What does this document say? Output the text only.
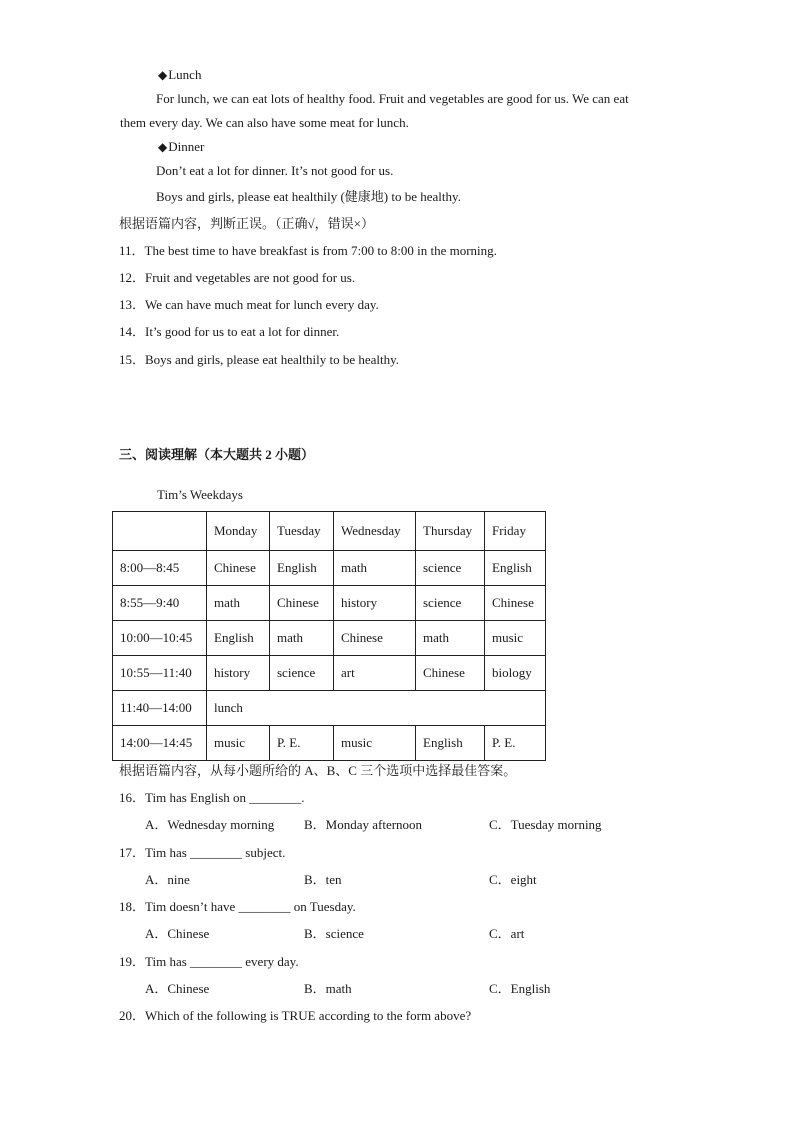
◆Lunch
For lunch, we can eat lots of healthy food. Fruit and vegetables are good for us. We can eat
them every day. We can also have some meat for lunch.
◆Dinner
Don’t eat a lot for dinner. It’s not good for us.
Boys and girls, please eat healthily (健康地) to be healthy.
根据语篇内容，判断正误。（正确√，错误×）
11．The best time to have breakfast is from 7:00 to 8:00 in the morning.
12．Fruit and vegetables are not good for us.
13．We can have much meat for lunch every day.
14．It’s good for us to eat a lot for dinner.
15．Boys and girls, please eat healthily to be healthy.
三、阅读理解（本大题共 2 小题）
Tim’s Weekdays
	Monday	Tuesday	Wednesday	Thursday	Friday
8:00—8:45	Chinese	English	math	science	English
8:55—9:40	math	Chinese	history	science	Chinese
10:00—10:45	English	math	Chinese	math	music
10:55—11:40	history	science	art	Chinese	biology
11:40—14:00	lunch				
14:00—14:45	music	P. E.	music	English	P. E.
根据语篇内容，从每小题所给的 A、B、C 三个选项中选择最佳答案。
16．Tim has English on ________.
A．Wednesday morning B．Monday afternoon	C．Tuesday morning
17．Tim has ________ subject.
A．nine	B．ten	C．eight
18．Tim doesn’t have ________ on Tuesday.
A．Chinese	B．science	C．art
19．Tim has ________ every day.
A．Chinese	B．math	C．English
20．Which of the following is TRUE according to the form above?
